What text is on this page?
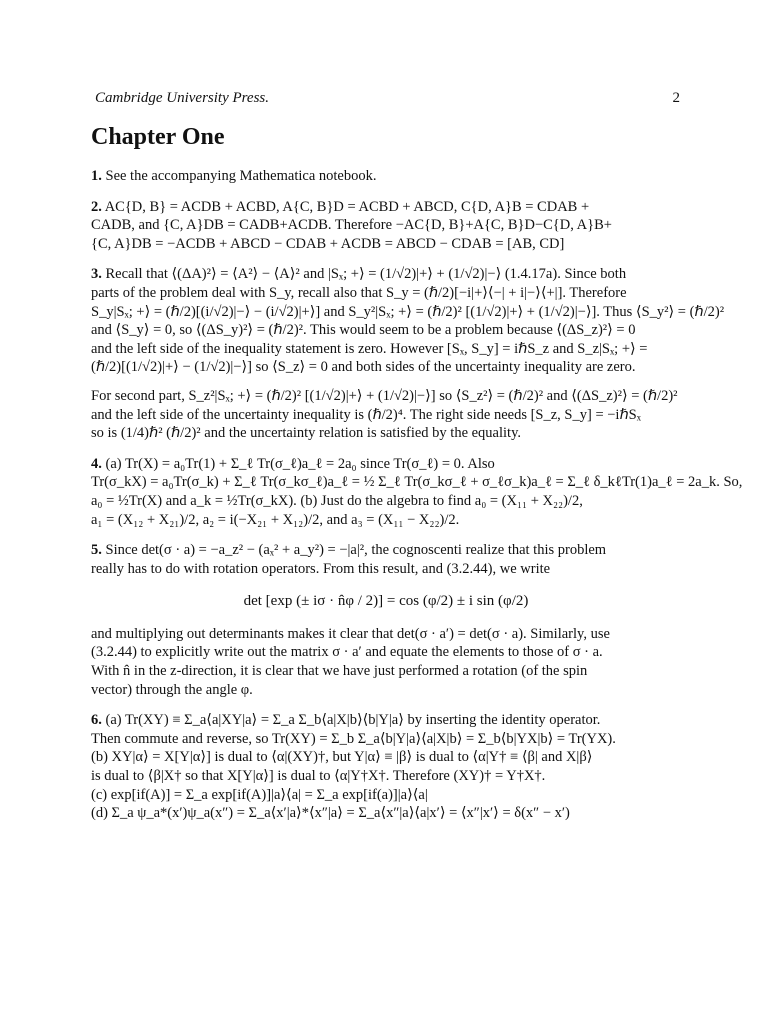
Cambridge University Press.	2
Chapter One
1. See the accompanying Mathematica notebook.
2. AC{D, B} = ACDB + ACBD, A{C, B}D = ACBD + ABCD, C{D, A}B = CDAB +
CADB, and {C, A}DB = CADB+ACDB. Therefore −AC{D, B}+A{C, B}D−C{D, A}B+
{C, A}DB = −ACDB + ABCD − CDAB + ACDB = ABCD − CDAB = [AB, CD]
3. Recall that ⟨(ΔA)²⟩ = ⟨A²⟩ − ⟨A⟩² and |Sₓ; +⟩ = (1/√2)|+⟩ + (1/√2)|−⟩ (1.4.17a). Since both
parts of the problem deal with S_y, recall also that S_y = (ℏ/2)[−i|+⟩⟨−| + i|−⟩⟨+|]. Therefore
S_y|Sₓ; +⟩ = (ℏ/2)[(i/√2)|−⟩ − (i/√2)|+⟩] and S_y²|Sₓ; +⟩ = (ℏ/2)² [(1/√2)|+⟩ + (1/√2)|−⟩]. Thus ⟨S_y²⟩ = (ℏ/2)²
and ⟨S_y⟩ = 0, so ⟨(ΔS_y)²⟩ = (ℏ/2)². This would seem to be a problem because ⟨(ΔS_z)²⟩ = 0
and the left side of the inequality statement is zero. However [Sₓ, S_y] = iℏS_z and S_z|Sₓ; +⟩ =
(ℏ/2)[(1/√2)|+⟩ − (1/√2)|−⟩] so ⟨S_z⟩ = 0 and both sides of the uncertainty inequality are zero.
For second part, S_z²|Sₓ; +⟩ = (ℏ/2)² [(1/√2)|+⟩ + (1/√2)|−⟩] so ⟨S_z²⟩ = (ℏ/2)² and ⟨(ΔS_z)²⟩ = (ℏ/2)²
and the left side of the uncertainty inequality is (ℏ/2)⁴. The right side needs [S_z, S_y] = −iℏSₓ
so is (1/4)ℏ² (ℏ/2)² and the uncertainty relation is satisfied by the equality.
4. (a) Tr(X) = a₀Tr(1) + Σ_ℓ Tr(σ_ℓ)a_ℓ = 2a₀ since Tr(σ_ℓ) = 0. Also
Tr(σ_kX) = a₀Tr(σ_k) + Σ_ℓ Tr(σ_kσ_ℓ)a_ℓ = ½ Σ_ℓ Tr(σ_kσ_ℓ + σ_ℓσ_k)a_ℓ = Σ_ℓ δ_kℓTr(1)a_ℓ = 2a_k. So,
a₀ = ½Tr(X) and a_k = ½Tr(σ_kX). (b) Just do the algebra to find a₀ = (X₁₁ + X₂₂)/2,
a₁ = (X₁₂ + X₂₁)/2, a₂ = i(−X₂₁ + X₁₂)/2, and a₃ = (X₁₁ − X₂₂)/2.
5. Since det(σ · a) = −a_z² − (aₓ² + a_y²) = −|a|², the cognoscenti realize that this problem
really has to do with rotation operators. From this result, and (3.2.44), we write
det [exp (± iσ · n̂φ / 2)] = cos (φ/2) ± i sin (φ/2)
and multiplying out determinants makes it clear that det(σ · a′) = det(σ · a). Similarly, use
(3.2.44) to explicitly write out the matrix σ · a′ and equate the elements to those of σ · a.
With n̂ in the z-direction, it is clear that we have just performed a rotation (of the spin
vector) through the angle φ.
6. (a) Tr(XY) ≡ Σ_a⟨a|XY|a⟩ = Σ_a Σ_b⟨a|X|b⟩⟨b|Y|a⟩ by inserting the identity operator.
Then commute and reverse, so Tr(XY) = Σ_b Σ_a⟨b|Y|a⟩⟨a|X|b⟩ = Σ_b⟨b|YX|b⟩ = Tr(YX).
(b) XY|α⟩ = X[Y|α⟩] is dual to ⟨α|(XY)†, but Y|α⟩ ≡ |β⟩ is dual to ⟨α|Y† ≡ ⟨β| and X|β⟩
is dual to ⟨β|X† so that X[Y|α⟩] is dual to ⟨α|Y†X†. Therefore (XY)† = Y†X†.
(c) exp[if(A)] = Σ_a exp[if(A)]|a⟩⟨a| = Σ_a exp[if(a)]|a⟩⟨a|
(d) Σ_a ψ_a*(x′)ψ_a(x″) = Σ_a⟨x′|a⟩*⟨x″|a⟩ = Σ_a⟨x″|a⟩⟨a|x′⟩ = ⟨x″|x′⟩ = δ(x″ − x′)
